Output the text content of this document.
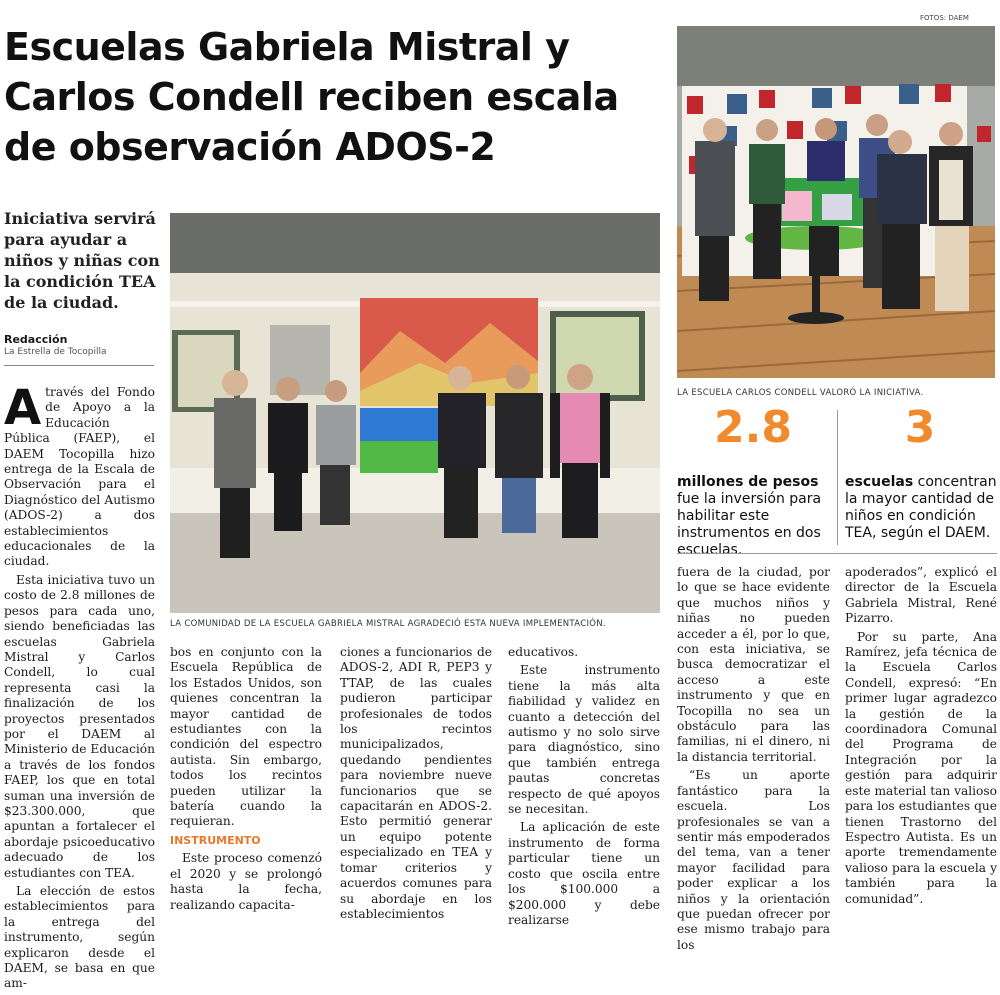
FOTOS: DAEM
Escuelas Gabriela Mistral y Carlos Condell reciben escala de observación ADOS-2
Iniciativa servirá para ayudar a niños y niñas con la condición TEA de la ciudad.
Redacción
La Estrella de Tocopilla
LA ESCUELA CARLOS CONDELL VALORÓ LA INICIATIVA.
2.8	3
millones de pesos fue la inversión para habilitar este instrumentos en dos escuelas.
escuelas concentran la mayor cantidad de niños en condición TEA, según el DAEM.
LA COMUNIDAD DE LA ESCUELA GABRIELA MISTRAL AGRADECIÓ ESTA NUEVA IMPLEMENTACIÓN.

Através del Fondo de Apoyo a la Educación Pública (FAEP), el DAEM Tocopilla hizo entrega de la Escala de Observación para el Diagnóstico del Autismo (ADOS-2) a dos establecimientos educacionales de la ciudad.

Esta iniciativa tuvo un costo de 2.8 millones de pesos para cada uno, siendo beneficiadas las escuelas Gabriela Mistral y Carlos Condell, lo cual representa casi la finalización de los proyectos presentados por el DAEM al Ministerio de Educación a través de los fondos FAEP, los que en total suman una inversión de $23.300.000, que apuntan a fortalecer el abordaje psicoeducativo adecuado de los estudiantes con TEA.

La elección de estos establecimientos para la entrega del instrumento, según explicaron desde el DAEM, se basa en que am-

bos en conjunto con la Escuela República de los Estados Unidos, son quienes concentran la mayor cantidad de estudiantes con la condición del espectro autista. Sin embargo, todos los recintos pueden utilizar la batería cuando la requieran.

INSTRUMENTO

Este proceso comenzó el 2020 y se prolongó hasta la fecha, realizando capacita-

ciones a funcionarios de ADOS-2, ADI R, PEP3 y TTAP, de las cuales pudieron participar profesionales de todos los recintos municipalizados, quedando pendientes para noviembre nueve funcionarios que se capacitarán en ADOS-2. Esto permitió generar un equipo potente especializado en TEA y tomar criterios y acuerdos comunes para su abordaje en los establecimientos

educativos.

Este instrumento tiene la más alta fiabilidad y validez en cuanto a detección del autismo y no solo sirve para diagnóstico, sino que también entrega pautas concretas respecto de qué apoyos se necesitan.

La aplicación de este instrumento de forma particular tiene un costo que oscila entre los $100.000 a $200.000 y debe realizarse

fuera de la ciudad, por lo que se hace evidente que muchos niños y niñas no pueden acceder a él, por lo que, con esta iniciativa, se busca democratizar el acceso a este instrumento y que en Tocopilla no sea un obstáculo para las familias, ni el dinero, ni la distancia territorial.

“Es un aporte fantástico para la escuela. Los profesionales se van a sentir más empoderados del tema, van a tener mayor facilidad para poder explicar a los niños y la orientación que puedan ofrecer por ese mismo trabajo para los

apoderados”, explicó el director de la Escuela Gabriela Mistral, René Pizarro.

Por su parte, Ana Ramírez, jefa técnica de la Escuela Carlos Condell, expresó: “En primer lugar agradezco la gestión de la coordinadora Comunal del Programa de Integración por la gestión para adquirir este material tan valioso para los estudiantes que tienen Trastorno del Espectro Autista. Es un aporte tremendamente valioso para la escuela y también para la comunidad”.
